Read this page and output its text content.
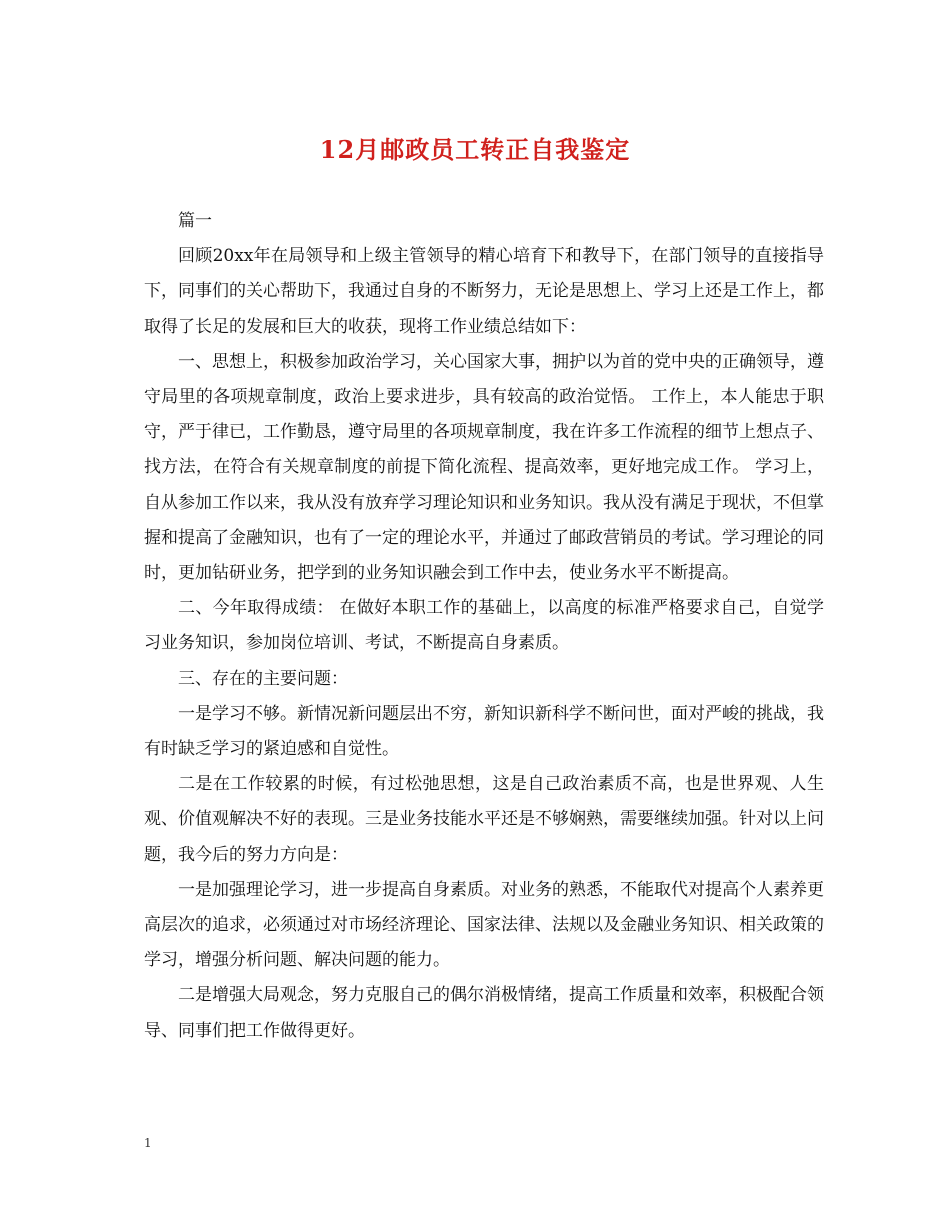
12月邮政员工转正自我鉴定

篇一

回顾20xx年在局领导和上级主管领导的精心培育下和教导下，在部门领导的直接指导下，同事们的关心帮助下，我通过自身的不断努力，无论是思想上、学习上还是工作上，都取得了长足的发展和巨大的收获，现将工作业绩总结如下：

一、思想上，积极参加政治学习，关心国家大事，拥护以为首的党中央的正确领导，遵守局里的各项规章制度，政治上要求进步，具有较高的政治觉悟。 工作上，本人能忠于职守，严于律已，工作勤恳，遵守局里的各项规章制度，我在许多工作流程的细节上想点子、找方法，在符合有关规章制度的前提下简化流程、提高效率，更好地完成工作。 学习上，自从参加工作以来，我从没有放弃学习理论知识和业务知识。我从没有满足于现状，不但掌握和提高了金融知识，也有了一定的理论水平，并通过了邮政营销员的考试。学习理论的同时，更加钻研业务，把学到的业务知识融会到工作中去，使业务水平不断提高。

二、今年取得成绩： 在做好本职工作的基础上，以高度的标准严格要求自己，自觉学习业务知识，参加岗位培训、考试，不断提高自身素质。

三、存在的主要问题：

一是学习不够。新情况新问题层出不穷，新知识新科学不断问世，面对严峻的挑战，我有时缺乏学习的紧迫感和自觉性。

二是在工作较累的时候，有过松弛思想，这是自己政治素质不高，也是世界观、人生观、价值观解决不好的表现。三是业务技能水平还是不够娴熟，需要继续加强。针对以上问题，我今后的努力方向是：

一是加强理论学习，进一步提高自身素质。对业务的熟悉，不能取代对提高个人素养更高层次的追求，必须通过对市场经济理论、国家法律、法规以及金融业务知识、相关政策的学习，增强分析问题、解决问题的能力。

二是增强大局观念，努力克服自己的偶尔消极情绪，提高工作质量和效率，积极配合领导、同事们把工作做得更好。

1
